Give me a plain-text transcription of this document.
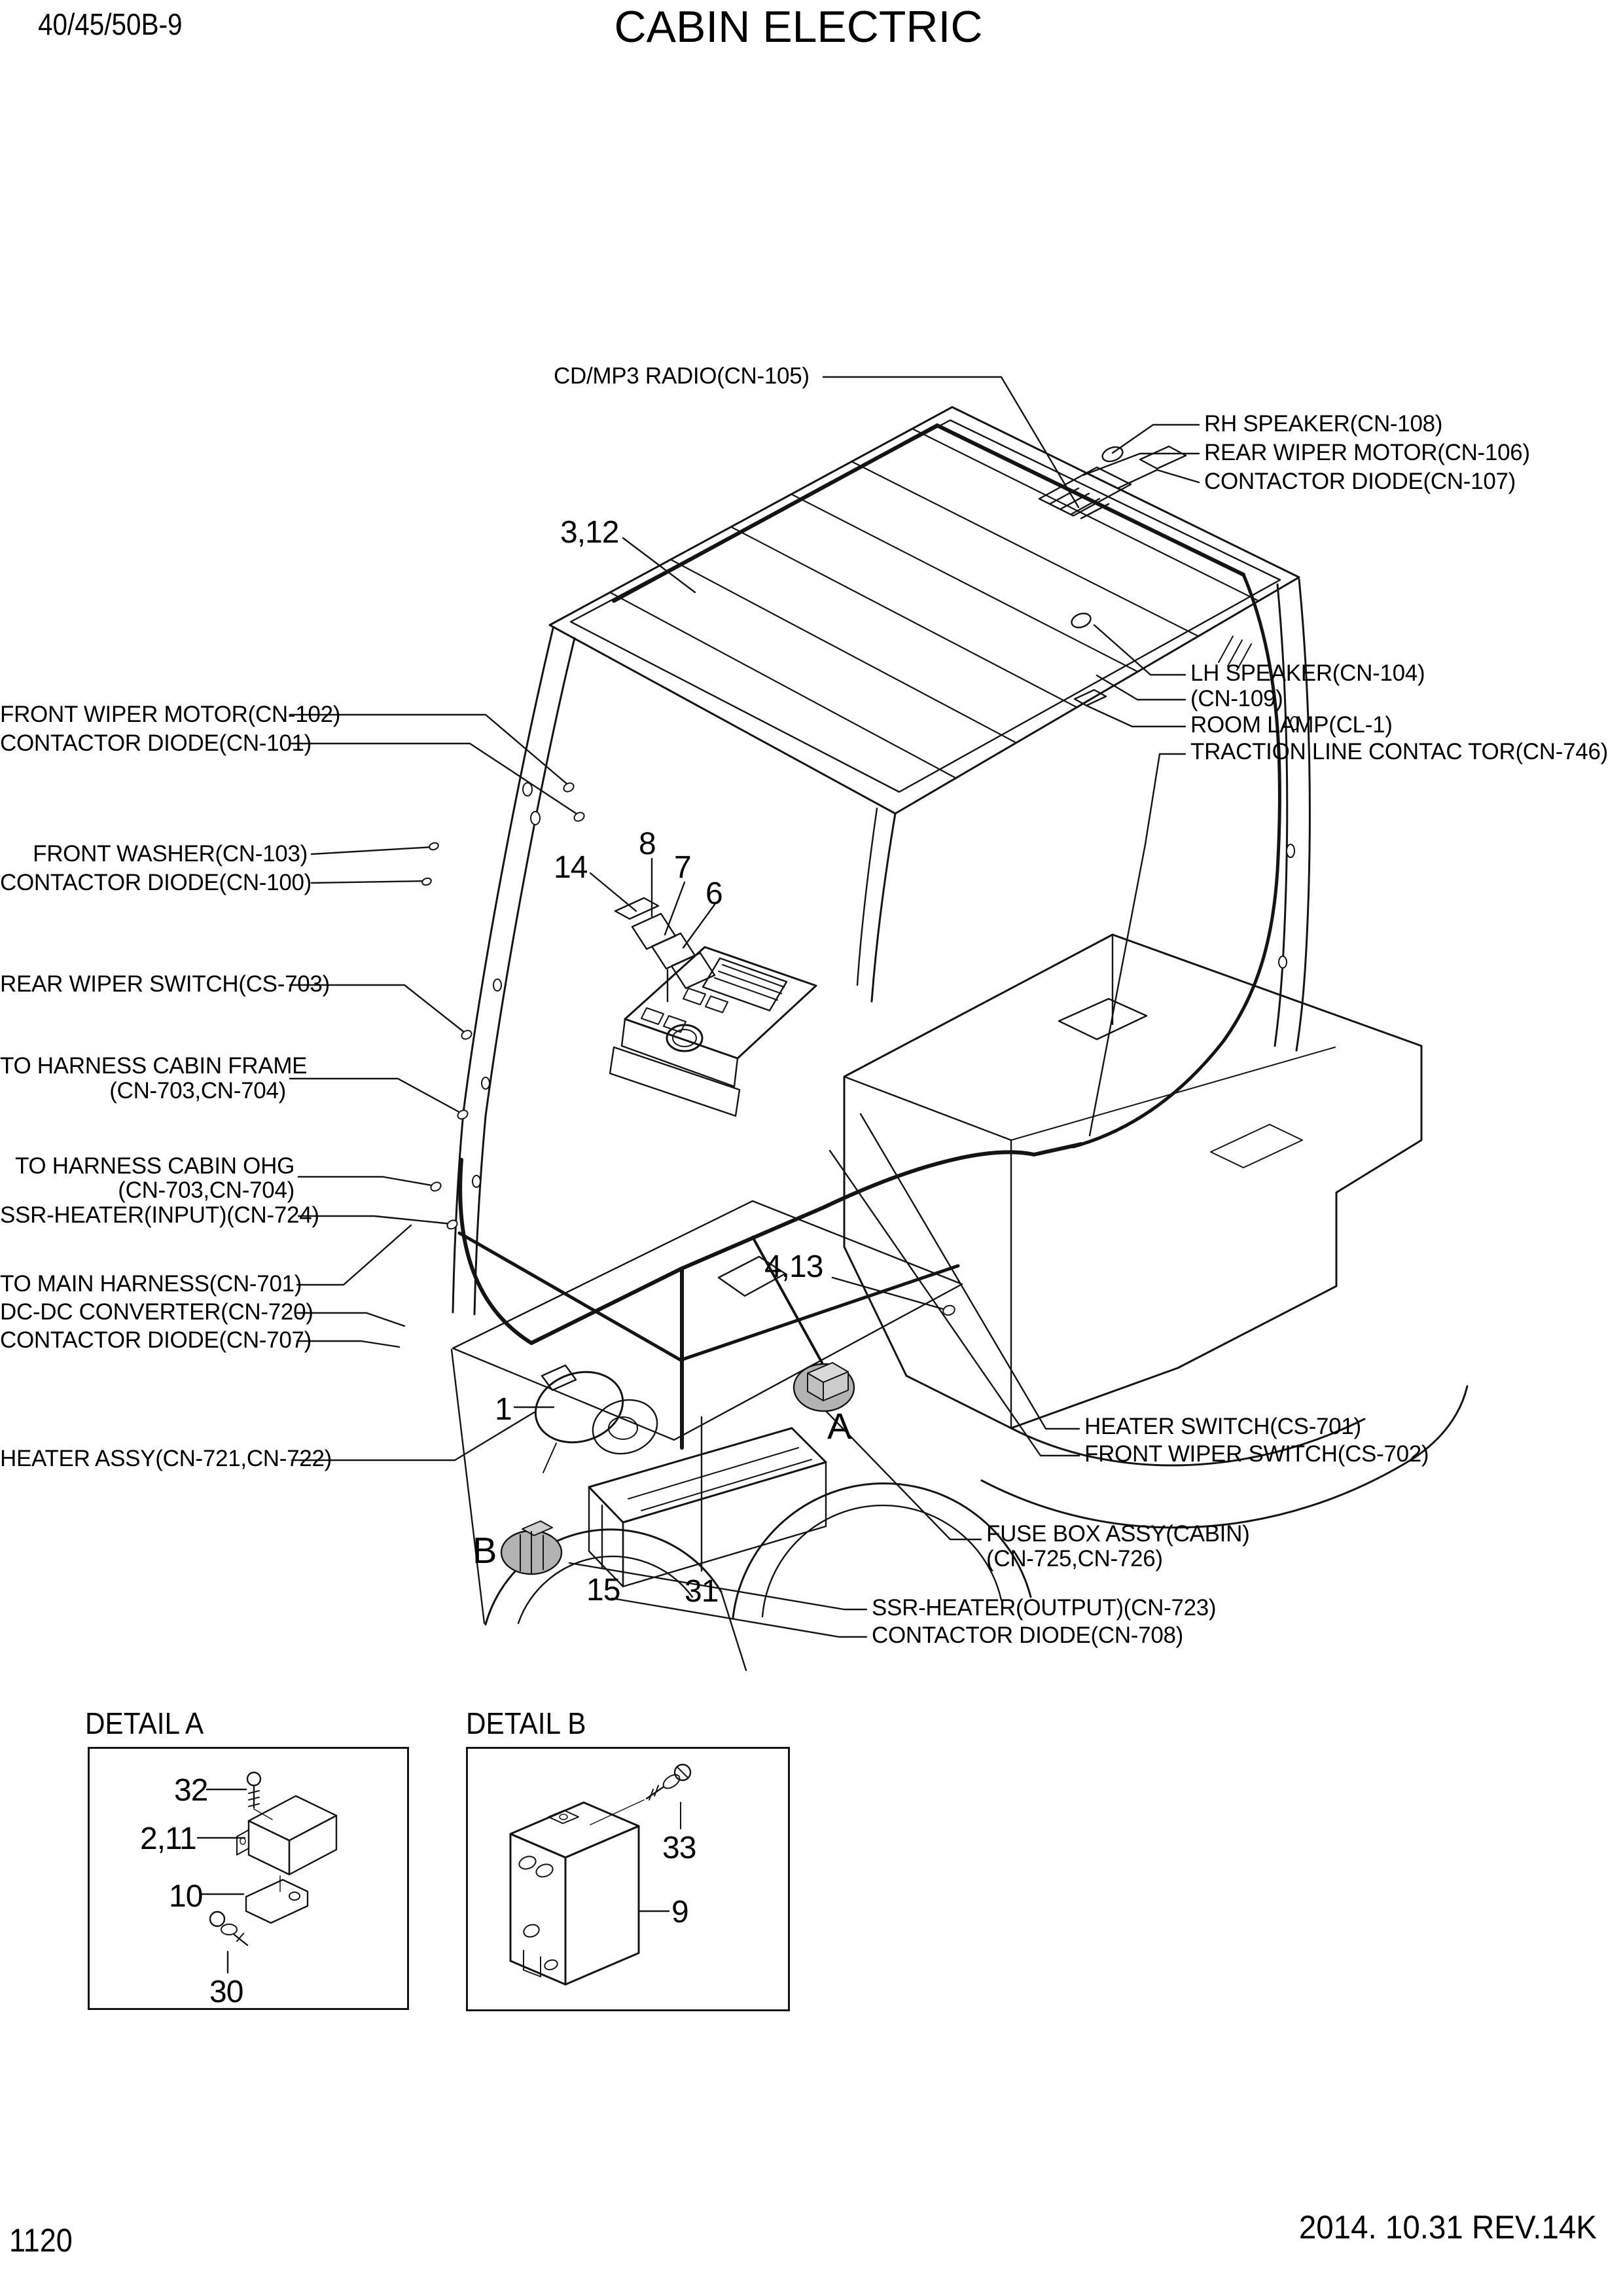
40/45/50B-9	CABIN ELECTRIC
CD/MP3 RADIO(CN-105)
RH SPEAKER(CN-108)
REAR WIPER MOTOR(CN-106)
CONTACTOR DIODE(CN-107)
LH SPEAKER(CN-104)
(CN-109)
ROOM LAMP(CL-1)
TRACTION LINE CONTAC TOR(CN-746)
FRONT WIPER MOTOR(CN-102)
CONTACTOR DIODE(CN-101)
FRONT WASHER(CN-103)
CONTACTOR DIODE(CN-100)
REAR WIPER SWITCH(CS-703)
TO HARNESS CABIN FRAME
(CN-703,CN-704)
TO HARNESS CABIN OHG
(CN-703,CN-704)
SSR-HEATER(INPUT)(CN-724)
TO MAIN HARNESS(CN-701)
DC-DC CONVERTER(CN-720)
CONTACTOR DIODE(CN-707)
HEATER ASSY(CN-721,CN-722)
HEATER SWITCH(CS-701)
FRONT WIPER SWITCH(CS-702)
FUSE BOX ASSY(CABIN)
(CN-725,CN-726)
SSR-HEATER(OUTPUT)(CN-723)
CONTACTOR DIODE(CN-708)
3,12
14
8
7
6
4,13
1
15 31
A
B
DETAIL A
32
2,11
10
30
DETAIL B
33
9
1120	2014. 10.31 REV.14K
